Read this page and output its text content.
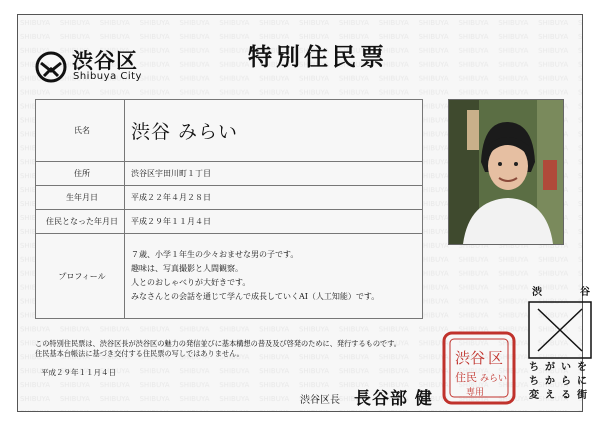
渋谷区
Shibuya City
特別住民票
氏名	渋谷 みらい
住所	渋谷区宇田川町１丁目
生年月日	平成２２年４月２８日
住民となった年月日	平成２９年１１月４日
プロフィール	７歳、小学１年生の少々おませな男の子です。
趣味は、写真撮影と人間観察。
人とのおしゃべりが大好きです。
みなさんとの会話を通じて学んで成長していくAI（人工知能）です。
この特別住民票は、渋谷区長が渋谷区の魅力の発信並びに基本構想の普及及び啓発のために、発行するものです。
住民基本台帳法に基づき交付する住民票の写しではありません。
平成２９年１１月４日
渋谷区長 長谷部 健
渋谷 区
住民 みらい
専用
渋	谷
ちがいを
ちからに
変える街
